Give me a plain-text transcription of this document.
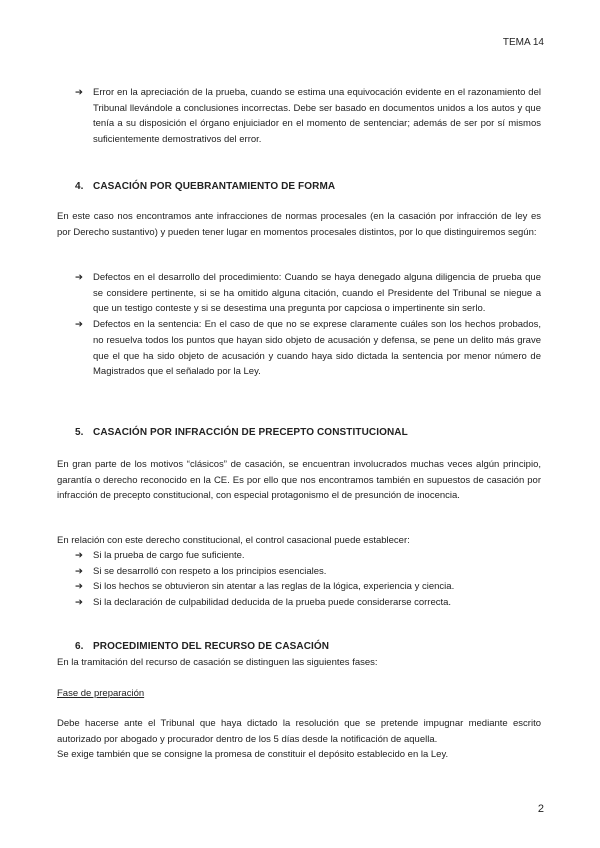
TEMA 14
➔ Error en la apreciación de la prueba, cuando se estima una equivocación evidente en el razonamiento del Tribunal llevándole a conclusiones incorrectas. Debe ser basado en documentos unidos a los autos y que tenía a su disposición el órgano enjuiciador en el momento de sentenciar; además de ser por sí mismos suficientemente demostrativos del error.
4. CASACIÓN POR QUEBRANTAMIENTO DE FORMA
En este caso nos encontramos ante infracciones de normas procesales (en la casación por infracción de ley es por Derecho sustantivo) y pueden tener lugar en momentos procesales distintos, por lo que distinguiremos según:
➔ Defectos en el desarrollo del procedimiento: Cuando se haya denegado alguna diligencia de prueba que se considere pertinente, si se ha omitido alguna citación, cuando el Presidente del Tribunal se niegue a que un testigo conteste y si se desestima una pregunta por capciosa o impertinente sin serlo.
➔ Defectos en la sentencia: En el caso de que no se exprese claramente cuáles son los hechos probados, no resuelva todos los puntos que hayan sido objeto de acusación y defensa, se pene un delito más grave que el que ha sido objeto de acusación y cuando haya sido dictada la sentencia por menor número de Magistrados que el señalado por la Ley.
5. CASACIÓN POR INFRACCIÓN DE PRECEPTO CONSTITUCIONAL
En gran parte de los motivos “clásicos” de casación, se encuentran involucrados muchas veces algún principio, garantía o derecho reconocido en la CE. Es por ello que nos encontramos también en supuestos de casación por infracción de precepto constitucional, con especial protagonismo el de presunción de inocencia.
En relación con este derecho constitucional, el control casacional puede establecer:
➔ Si la prueba de cargo fue suficiente.
➔ Si se desarrolló con respeto a los principios esenciales.
➔ Si los hechos se obtuvieron sin atentar a las reglas de la lógica, experiencia y ciencia.
➔ Si la declaración de culpabilidad deducida de la prueba puede considerarse correcta.
6. PROCEDIMIENTO DEL RECURSO DE CASACIÓN
En la tramitación del recurso de casación se distinguen las siguientes fases:
Fase de preparación
Debe hacerse ante el Tribunal que haya dictado la resolución que se pretende impugnar mediante escrito autorizado por abogado y procurador dentro de los 5 días desde la notificación de aquella.
Se exige también que se consigne la promesa de constituir el depósito establecido en la Ley.
2
